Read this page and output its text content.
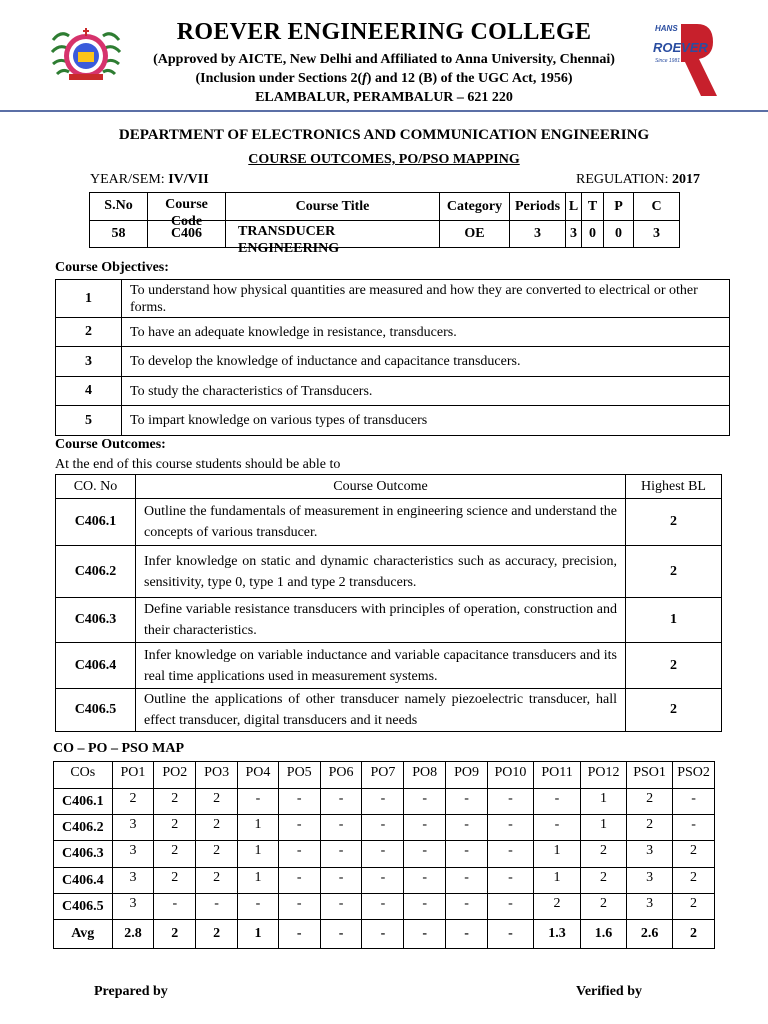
ROEVER ENGINEERING COLLEGE
(Approved by AICTE, New Delhi and Affiliated to Anna University, Chennai)
(Inclusion under Sections 2(f) and 12 (B) of the UGC Act, 1956)
ELAMBALUR, PERAMBALUR – 621 220
HANS
ROEVER
Since 1981
DEPARTMENT OF ELECTRONICS AND COMMUNICATION ENGINEERING
COURSE OUTCOMES, PO/PSO MAPPING
YEAR/SEM: IV/VII	REGULATION: 2017
S.No	Course Code	Course Title	Category	Periods	L	T	P	C
58	C406	TRANSDUCER ENGINEERING	OE	3	3	0	0	3
Course Objectives:
1	To understand how physical quantities are measured and how they are converted to electrical or other forms.
2	To have an adequate knowledge in resistance, transducers.
3	To develop the knowledge of inductance and capacitance transducers.
4	To study the characteristics of Transducers.
5	To impart knowledge on various types of transducers
Course Outcomes:
At the end of this course students should be able to
CO. No	Course Outcome	Highest BL
C406.1	Outline the fundamentals of measurement in engineering science and understand the concepts of various transducer.	2
C406.2	Infer knowledge on static and dynamic characteristics such as accuracy, precision, sensitivity, type 0, type 1 and type 2 transducers.	2
C406.3	Define variable resistance transducers with principles of operation, construction and their characteristics.	1
C406.4	Infer knowledge on variable inductance and variable capacitance transducers and its real time applications used in measurement systems.	2
C406.5	Outline the applications of other transducer namely piezoelectric transducer, hall effect transducer, digital transducers and it needs	2
CO – PO – PSO MAP
COs	PO1	PO2	PO3	PO4	PO5	PO6	PO7	PO8	PO9	PO10	PO11	PO12	PSO1	PSO2
C406.1	2	2	2	-	-	-	-	-	-	-	-	1	2	-
C406.2	3	2	2	1	-	-	-	-	-	-	-	1	2	-
C406.3	3	2	2	1	-	-	-	-	-	-	1	2	3	2
C406.4	3	2	2	1	-	-	-	-	-	-	1	2	3	2
C406.5	3	-	-	-	-	-	-	-	-	-	2	2	3	2
Avg	2.8	2	2	1	-	-	-	-	-	-	1.3	1.6	2.6	2
Prepared by	Verified by
